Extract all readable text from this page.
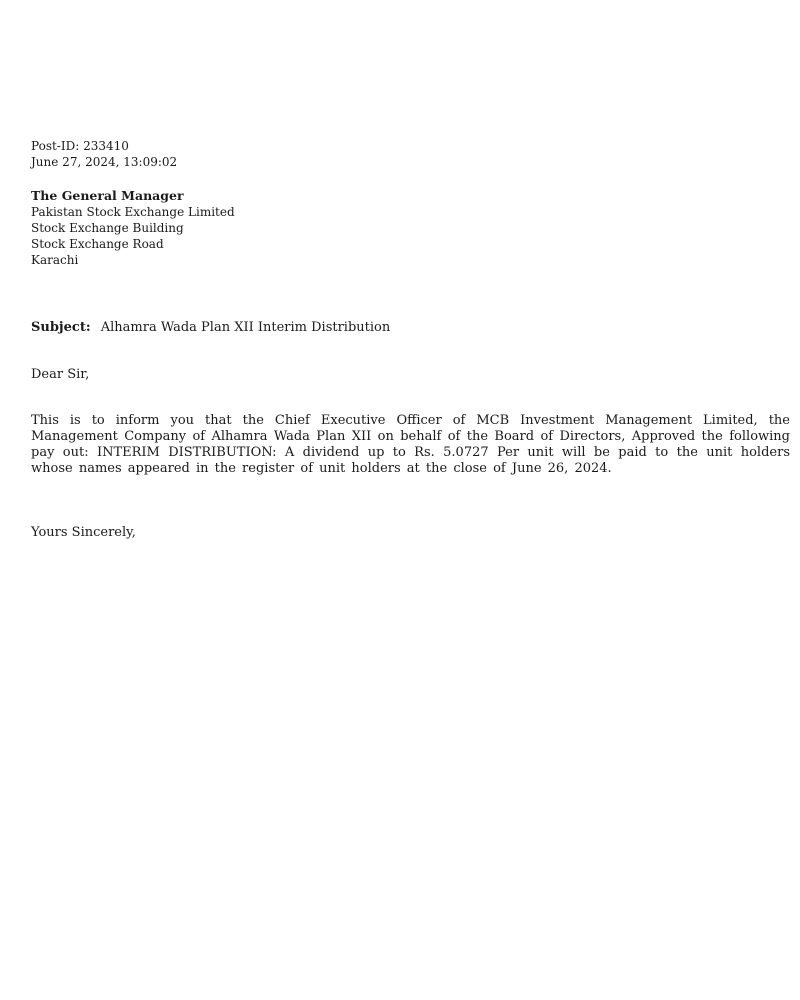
Post-ID: 233410
June 27, 2024, 13:09:02
The General Manager
Pakistan Stock Exchange Limited
Stock Exchange Building
Stock Exchange Road
Karachi
Subject: Alhamra Wada Plan XII Interim Distribution
Dear Sir,
This is to inform you that the Chief Executive Officer of MCB Investment Management Limited, the Management Company of Alhamra Wada Plan XII on behalf of the Board of Directors, Approved the following pay out: INTERIM DISTRIBUTION: A dividend up to Rs. 5.0727 Per unit will be paid to the unit holders whose names appeared in the register of unit holders at the close of June 26, 2024.
Yours Sincerely,
